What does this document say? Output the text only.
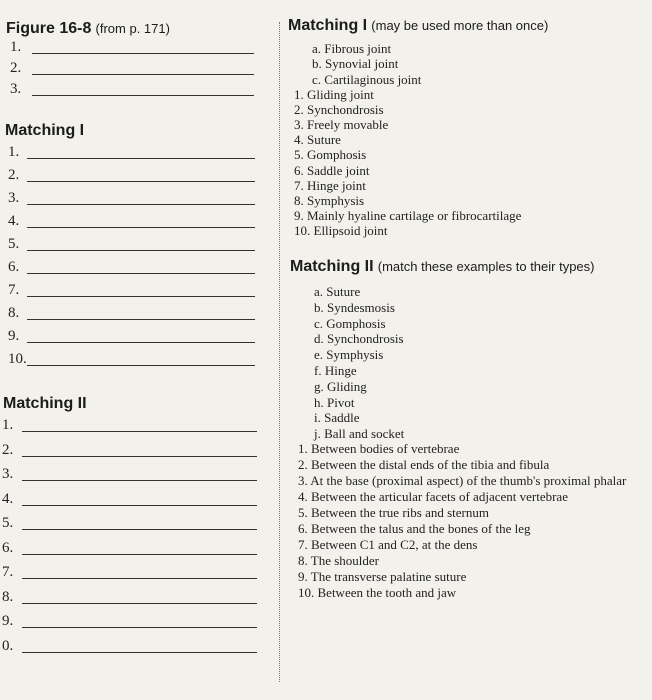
Figure 16-8 (from p. 171)
1.
2.
3.
Matching I
1.
2.
3.
4.
5.
6.
7.
8.
9.
10.
Matching II
1.
2.
3.
4.
5.
6.
7.
8.
9.
0.
Matching I (may be used more than once)
a. Fibrous joint
b. Synovial joint
c. Cartilaginous joint
1. Gliding joint
2. Synchondrosis
3. Freely movable
4. Suture
5. Gomphosis
6. Saddle joint
7. Hinge joint
8. Symphysis
9. Mainly hyaline cartilage or fibrocartilage
10. Ellipsoid joint
Matching II (match these examples to their types)
a. Suture
b. Syndesmosis
c. Gomphosis
d. Synchondrosis
e. Symphysis
f. Hinge
g. Gliding
h. Pivot
i. Saddle
j. Ball and socket
1. Between bodies of vertebrae
2. Between the distal ends of the tibia and fibula
3. At the base (proximal aspect) of the thumb's proximal phalar
4. Between the articular facets of adjacent vertebrae
5. Between the true ribs and sternum
6. Between the talus and the bones of the leg
7. Between C1 and C2, at the dens
8. The shoulder
9. The transverse palatine suture
10. Between the tooth and jaw
